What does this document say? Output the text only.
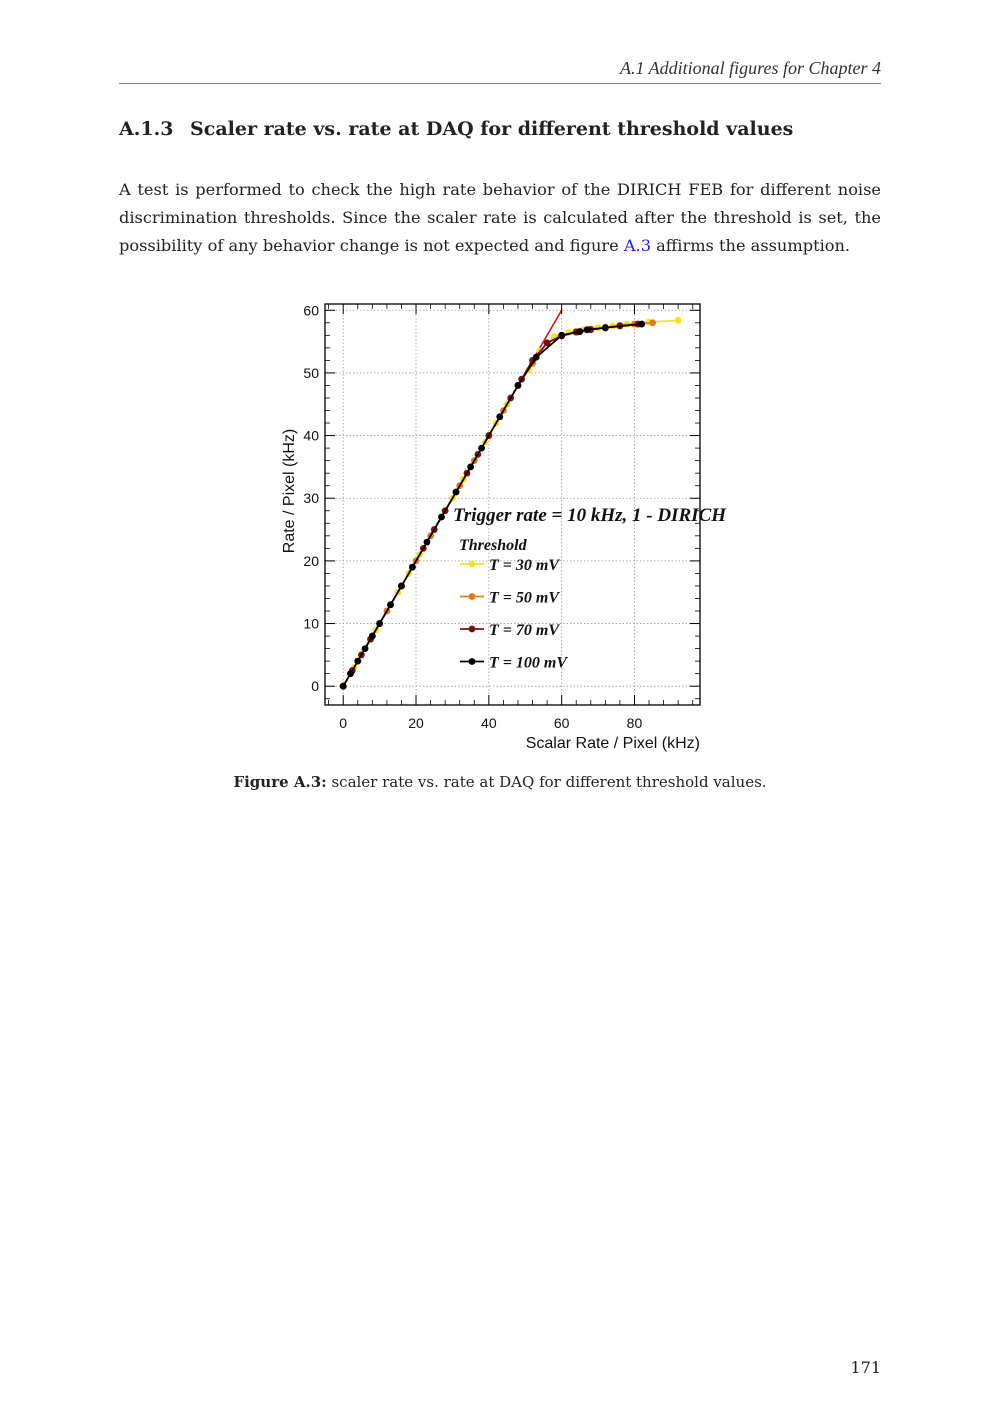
A.1 Additional figures for Chapter 4
A.1.3 Scaler rate vs. rate at DAQ for different threshold values

A test is performed to check the high rate behavior of the DIRICH FEB for different noise discrimination thresholds. Since the scaler rate is calculated after the threshold is set, the possibility of any behavior change is not expected and figure A.3 affirms the assumption.

0	20	40	60	80
0
10
20
30
40
50
60
Scalar Rate / Pixel (kHz)
Rate / Pixel (kHz)	Trigger rate = 10 kHz, 1 - DIRICH
Threshold
T = 30 mV
T = 50 mV
T = 70 mV
T = 100 mV
Figure A.3: scaler rate vs. rate at DAQ for different threshold values.
171
